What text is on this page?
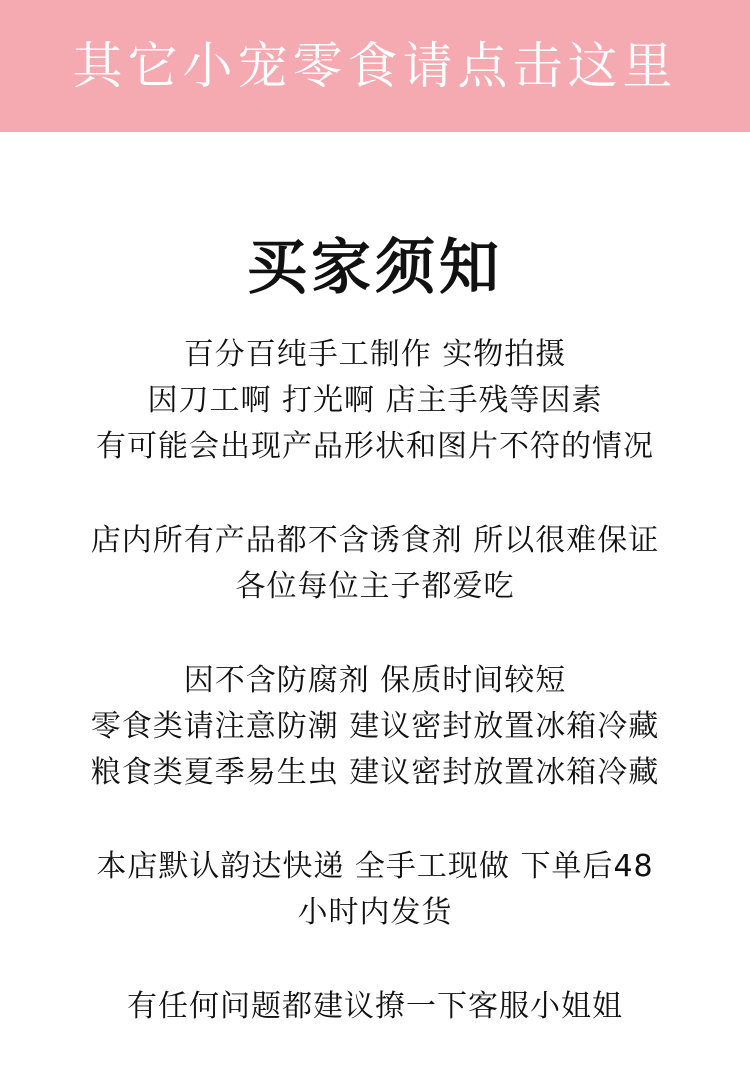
其它小宠零食请点击这里
买家须知
百分百纯手工制作 实物拍摄
因刀工啊 打光啊 店主手残等因素
有可能会出现产品形状和图片不符的情况
店内所有产品都不含诱食剂 所以很难保证
各位每位主子都爱吃
因不含防腐剂 保质时间较短
零食类请注意防潮 建议密封放置冰箱冷藏
粮食类夏季易生虫 建议密封放置冰箱冷藏
本店默认韵达快递 全手工现做 下单后48
小时内发货
有任何问题都建议撩一下客服小姐姐
